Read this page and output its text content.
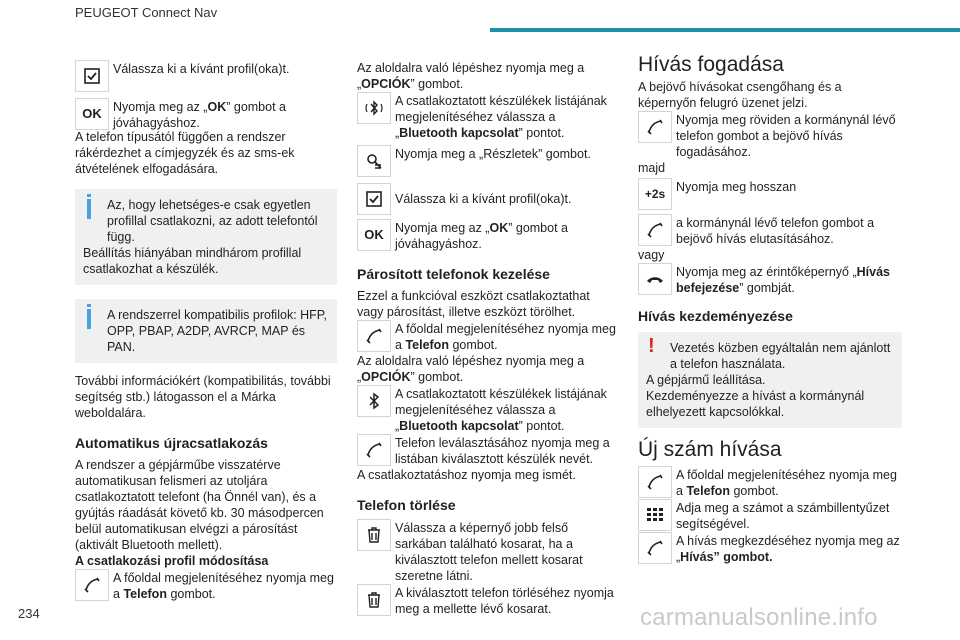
PEUGEOT Connect Nav
Válassza ki a kívánt profil(oka)t.
OK Nyomja meg az „OK” gombot a jóváhagyáshoz.

A telefon típusától függően a rendszer rákérdezhet a címjegyzék és az sms-ek átvételének elfogadására.

Az, hogy lehetséges-e csak egyetlen profillal csatlakozni, az adott telefontól függ.

Beállítás hiányában mindhárom profillal csatlakozhat a készülék.

A rendszerrel kompatibilis profilok: HFP, OPP, PBAP, A2DP, AVRCP, MAP és PAN.

További információkért (kompatibilitás, további segítség stb.) látogasson el a Márka weboldalára.

Automatikus újracsatlakozás

A rendszer a gépjárműbe visszatérve automatikusan felismeri az utoljára csatlakoztatott telefont (ha Önnél van), és a gyújtás ráadását követő kb. 30 másodpercen belül automatikusan elvégzi a párosítást (aktivált Bluetooth mellett).

A csatlakozási profil módosítása

A főoldal megjelenítéséhez nyomja meg a Telefon gombot.

Az aloldalra való lépéshez nyomja meg a „OPCIÓK” gombot.

A csatlakoztatott készülékek listájának megjelenítéséhez válassza a „Bluetooth kapcsolat” pontot.
Nyomja meg a „Részletek” gombot.
Válassza ki a kívánt profil(oka)t.
OK Nyomja meg az „OK” gombot a jóváhagyáshoz.
Párosított telefonok kezelése

Ezzel a funkcióval eszközt csatlakoztathat vagy párosítást, illetve eszközt törölhet.

A főoldal megjelenítéséhez nyomja meg a Telefon gombot.

Az aloldalra való lépéshez nyomja meg a „OPCIÓK” gombot.

A csatlakoztatott készülékek listájának megjelenítéséhez válassza a „Bluetooth kapcsolat” pontot.
Telefon leválasztásához nyomja meg a listában kiválasztott készülék nevét.

A csatlakoztatáshoz nyomja meg ismét.

Telefon törlése
Válassza a képernyő jobb felső sarkában található kosarat, ha a kiválasztott telefon mellett kosarat szeretne látni.
A kiválasztott telefon törléséhez nyomja meg a mellette lévő kosarat.
Hívás fogadása

A bejövő hívásokat csengőhang és a képernyőn felugró üzenet jelzi.

Nyomja meg röviden a kormánynál lévő telefon gombot a bejövő hívás fogadásához.

majd

+2s Nyomja meg hosszan
a kormánynál lévő telefon gombot a bejövő hívás elutasításához.

vagy

Nyomja meg az érintőképernyő „Hívás befejezése” gombját.
Hívás kezdeményezése
!	Vezetés közben egyáltalán nem ajánlott a telefon használata.

A gépjármű leállítása.

Kezdeményezze a hívást a kormánynál elhelyezett kapcsolókkal.

Új szám hívása
A főoldal megjelenítéséhez nyomja meg a Telefon gombot.
Adja meg a számot a számbillentyűzet segítségével.
A hívás megkezdéséhez nyomja meg az „Hívás” gombot.
234	carmanualsonline.info
